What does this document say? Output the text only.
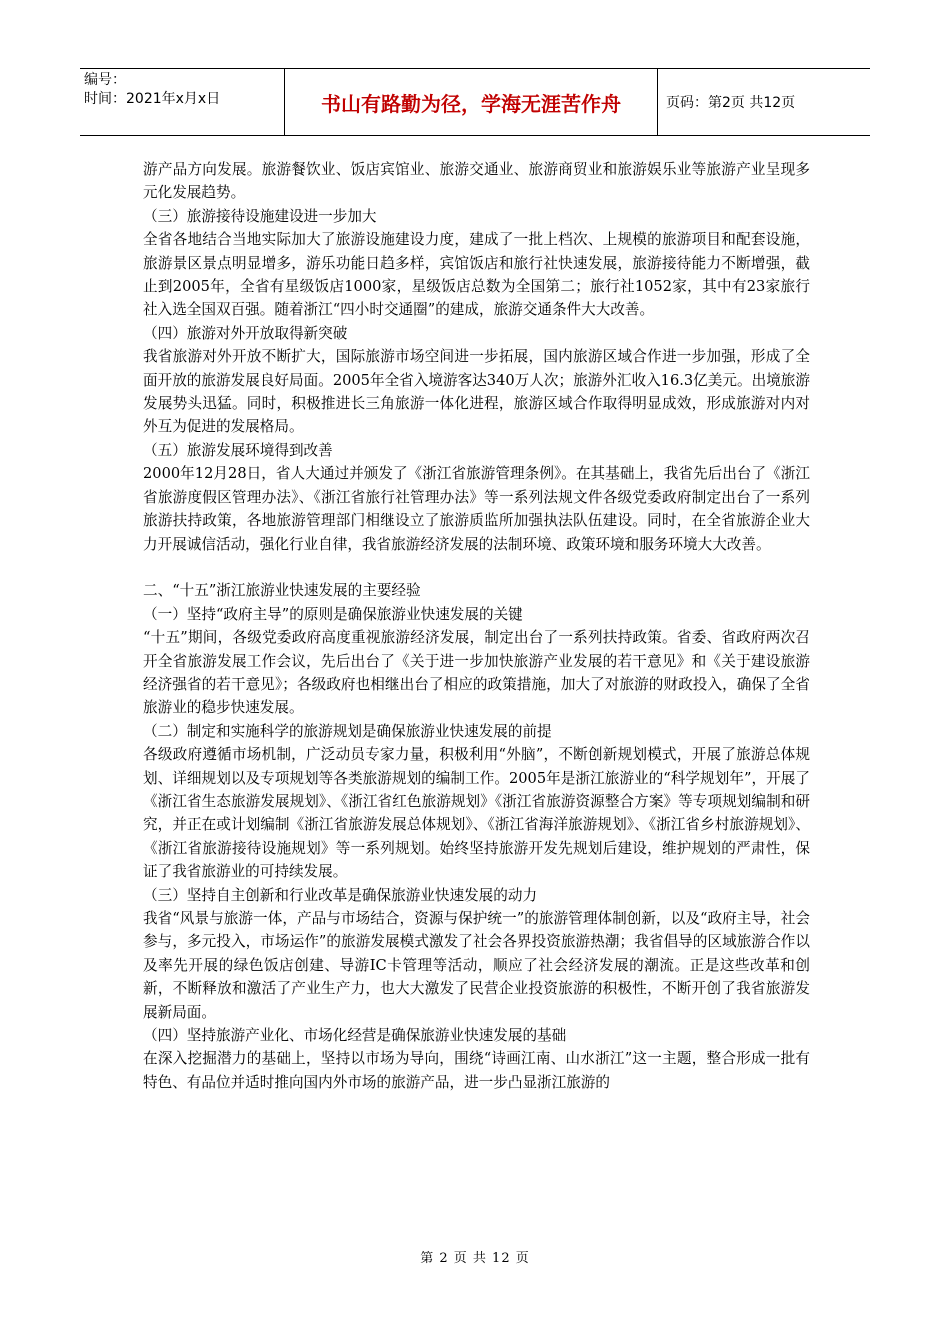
编号：
时间：2021年x月x日	书山有路勤为径，学海无涯苦作舟	页码：第2页 共12页

游产品方向发展。旅游餐饮业、饭店宾馆业、旅游交通业、旅游商贸业和旅游娱乐业等旅游产业呈现多元化发展趋势。

（三）旅游接待设施建设进一步加大

全省各地结合当地实际加大了旅游设施建设力度，建成了一批上档次、上规模的旅游项目和配套设施，旅游景区景点明显增多，游乐功能日趋多样，宾馆饭店和旅行社快速发展，旅游接待能力不断增强，截止到2005年，全省有星级饭店1000家，星级饭店总数为全国第二；旅行社1052家，其中有23家旅行社入选全国双百强。随着浙江“四小时交通圈”的建成，旅游交通条件大大改善。

（四）旅游对外开放取得新突破

我省旅游对外开放不断扩大，国际旅游市场空间进一步拓展，国内旅游区域合作进一步加强，形成了全面开放的旅游发展良好局面。2005年全省入境游客达340万人次；旅游外汇收入16.3亿美元。出境旅游发展势头迅猛。同时，积极推进长三角旅游一体化进程，旅游区域合作取得明显成效，形成旅游对内对外互为促进的发展格局。

（五）旅游发展环境得到改善

2000年12月28日，省人大通过并颁发了《浙江省旅游管理条例》。在其基础上，我省先后出台了《浙江省旅游度假区管理办法》、《浙江省旅行社管理办法》等一系列法规文件各级党委政府制定出台了一系列旅游扶持政策，各地旅游管理部门相继设立了旅游质监所加强执法队伍建设。同时，在全省旅游企业大力开展诚信活动，强化行业自律，我省旅游经济发展的法制环境、政策环境和服务环境大大改善。

二、“十五”浙江旅游业快速发展的主要经验

（一）坚持“政府主导”的原则是确保旅游业快速发展的关键

“十五”期间，各级党委政府高度重视旅游经济发展，制定出台了一系列扶持政策。省委、省政府两次召开全省旅游发展工作会议，先后出台了《关于进一步加快旅游产业发展的若干意见》和《关于建设旅游经济强省的若干意见》；各级政府也相继出台了相应的政策措施，加大了对旅游的财政投入，确保了全省旅游业的稳步快速发展。

（二）制定和实施科学的旅游规划是确保旅游业快速发展的前提

各级政府遵循市场机制，广泛动员专家力量，积极利用“外脑”，不断创新规划模式，开展了旅游总体规划、详细规划以及专项规划等各类旅游规划的编制工作。2005年是浙江旅游业的“科学规划年”，开展了《浙江省生态旅游发展规划》、《浙江省红色旅游规划》《浙江省旅游资源整合方案》等专项规划编制和研究，并正在或计划编制《浙江省旅游发展总体规划》、《浙江省海洋旅游规划》、《浙江省乡村旅游规划》、《浙江省旅游接待设施规划》等一系列规划。始终坚持旅游开发先规划后建设，维护规划的严肃性，保证了我省旅游业的可持续发展。

（三）坚持自主创新和行业改革是确保旅游业快速发展的动力

我省“风景与旅游一体，产品与市场结合，资源与保护统一”的旅游管理体制创新，以及“政府主导，社会参与，多元投入，市场运作”的旅游发展模式激发了社会各界投资旅游热潮；我省倡导的区域旅游合作以及率先开展的绿色饭店创建、导游IC卡管理等活动，顺应了社会经济发展的潮流。正是这些改革和创新，不断释放和激活了产业生产力，也大大激发了民营企业投资旅游的积极性，不断开创了我省旅游发展新局面。

（四）坚持旅游产业化、市场化经营是确保旅游业快速发展的基础

在深入挖掘潜力的基础上，坚持以市场为导向，围绕“诗画江南、山水浙江”这一主题，整合形成一批有特色、有品位并适时推向国内外市场的旅游产品，进一步凸显浙江旅游的

第 2 页 共 12 页
